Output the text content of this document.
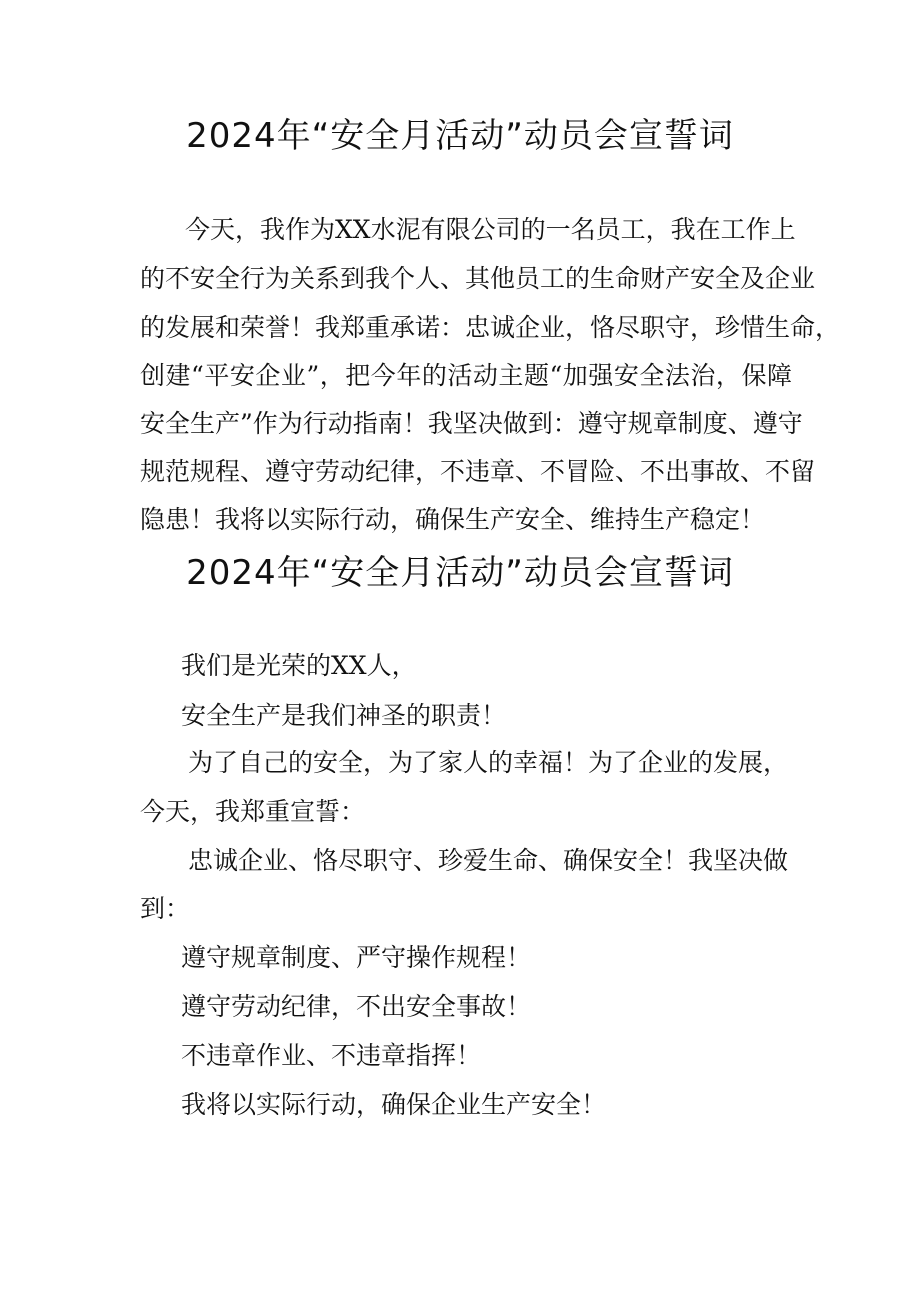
2024年“安全月活动”动员会宣誓词
今天，我作为XX水泥有限公司的一名员工，我在工作上
的不安全行为关系到我个人、其他员工的生命财产安全及企业
的发展和荣誉！我郑重承诺：忠诚企业，恪尽职守，珍惜生命，
创建“平安企业”，把今年的活动主题“加强安全法治，保障
安全生产”作为行动指南！我坚决做到：遵守规章制度、遵守
规范规程、遵守劳动纪律，不违章、不冒险、不出事故、不留
隐患！我将以实际行动，确保生产安全、维持生产稳定！
2024年“安全月活动”动员会宣誓词
我们是光荣的XX人，
安全生产是我们神圣的职责！
为了自己的安全，为了家人的幸福！为了企业的发展，
今天，我郑重宣誓：
忠诚企业、恪尽职守、珍爱生命、确保安全！我坚决做
到：
遵守规章制度、严守操作规程！
遵守劳动纪律，不出安全事故！
不违章作业、不违章指挥！
我将以实际行动，确保企业生产安全！
